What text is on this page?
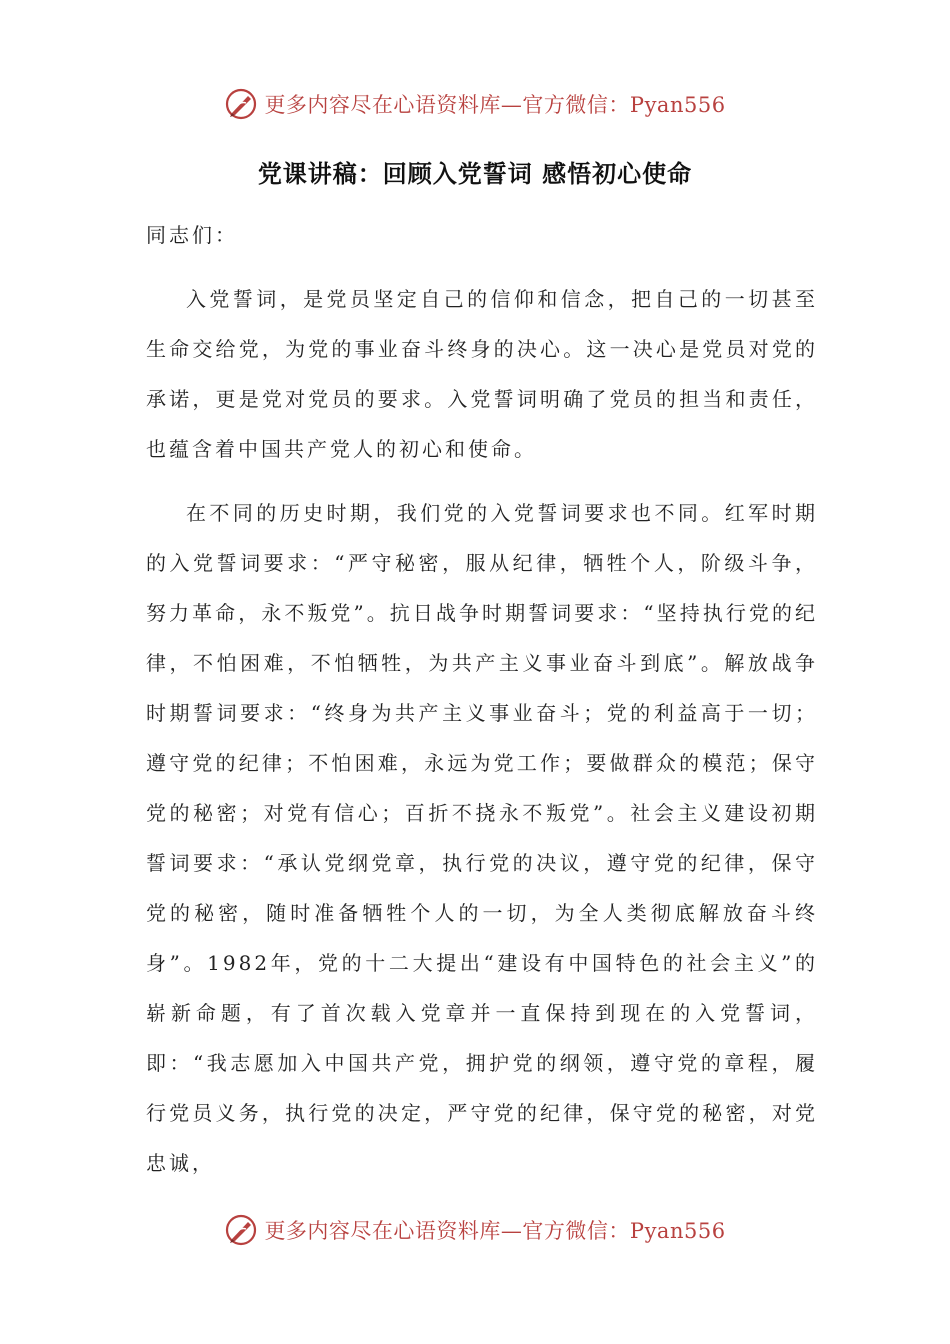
更多内容尽在心语资料库—官方微信：Pyan556
党课讲稿：回顾入党誓词 感悟初心使命

同志们：

入党誓词，是党员坚定自己的信仰和信念，把自己的一切甚至生命交给党，为党的事业奋斗终身的决心。这一决心是党员对党的承诺，更是党对党员的要求。入党誓词明确了党员的担当和责任，也蕴含着中国共产党人的初心和使命。

在不同的历史时期，我们党的入党誓词要求也不同。红军时期的入党誓词要求：“严守秘密，服从纪律，牺牲个人，阶级斗争，努力革命，永不叛党”。抗日战争时期誓词要求：“坚持执行党的纪律，不怕困难，不怕牺牲，为共产主义事业奋斗到底”。解放战争时期誓词要求：“终身为共产主义事业奋斗；党的利益高于一切；遵守党的纪律；不怕困难，永远为党工作；要做群众的模范；保守党的秘密；对党有信心；百折不挠永不叛党”。社会主义建设初期誓词要求：“承认党纲党章，执行党的决议，遵守党的纪律，保守党的秘密，随时准备牺牲个人的一切，为全人类彻底解放奋斗终身”。1982年，党的十二大提出“建设有中国特色的社会主义”的崭新命题，有了首次载入党章并一直保持到现在的入党誓词，即：“我志愿加入中国共产党，拥护党的纲领，遵守党的章程，履行党员义务，执行党的决定，严守党的纪律，保守党的秘密，对党忠诚，

更多内容尽在心语资料库—官方微信：Pyan556
